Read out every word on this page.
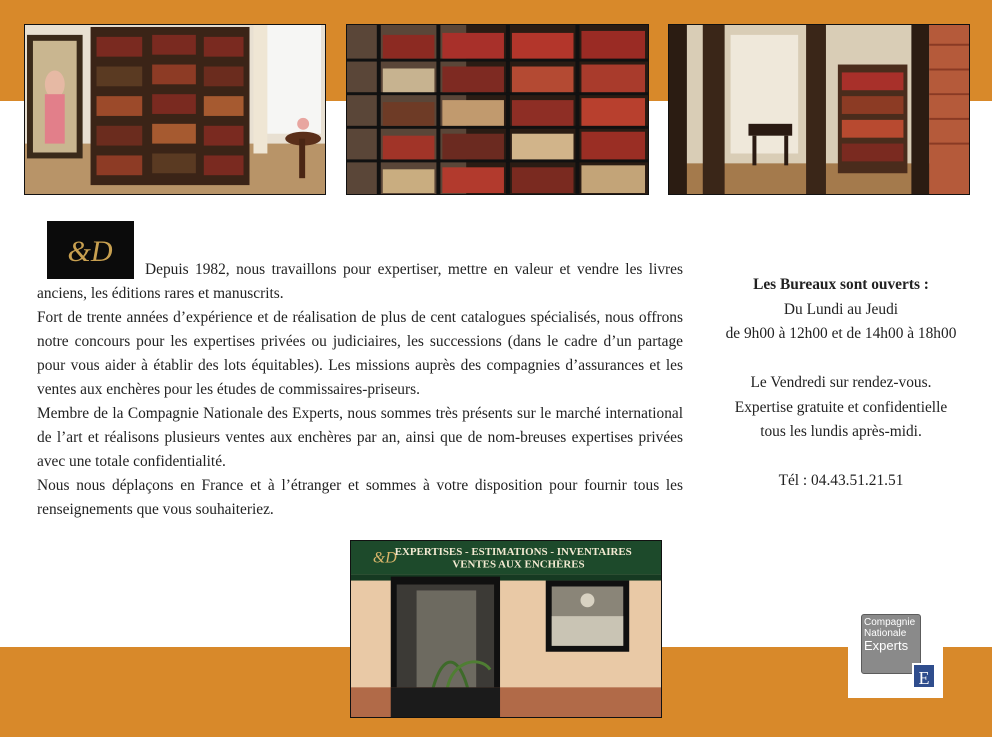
&D

Depuis 1982, nous travaillons pour expertiser, mettre en valeur et vendre les livres anciens, les éditions rares et manuscrits.

Fort de trente années d’expérience et de réalisation de plus de cent catalogues spécialisés, nous offrons notre concours pour les expertises privées ou judiciaires, les successions (dans le cadre d’un partage pour vous aider à établir des lots équitables). Les missions auprès des compagnies d’assurances et les ventes aux enchères pour les études de commissaires-priseurs.

Membre de la Compagnie Nationale des Experts, nous sommes très présents sur le marché international de l’art et réalisons plusieurs ventes aux enchères par an, ainsi que de nom-breuses expertises privées avec une totale confidentialité.

Nous nous déplaçons en France et à l’étranger et sommes à votre disposition pour fournir tous les renseignements que vous souhaiteriez.

Les Bureaux sont ouverts :
Du Lundi au Jeudi
de 9h00 à 12h00 et de 14h00 à 18h00
Le Vendredi sur rendez-vous.
Expertise gratuite et confidentielle
tous les lundis après-midi.
Tél : 04.43.51.21.51
&D
EXPERTISES - ESTIMATIONS - INVENTAIRES
VENTES AUX ENCHÈRES
Compagnie
Nationale
Experts
E
